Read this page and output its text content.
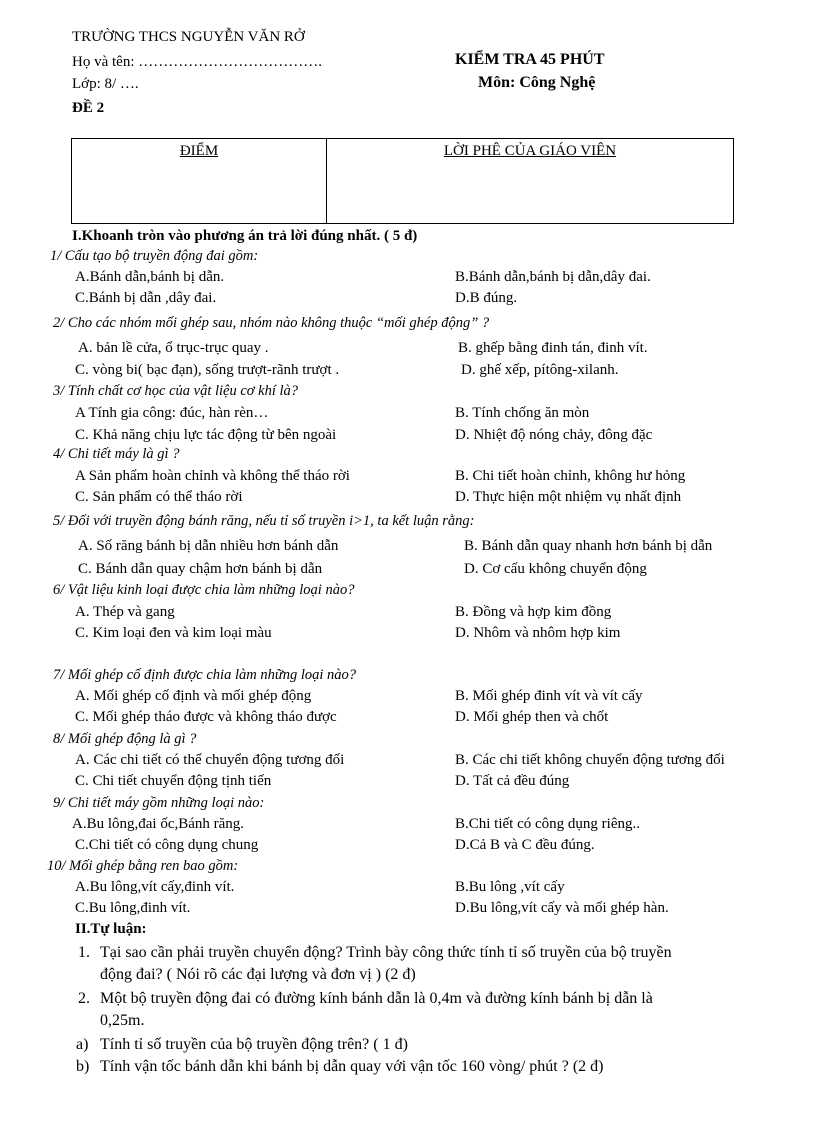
TRƯỜNG THCS NGUYỄN VĂN RỞ
Họ và tên: ……………………………….
Lớp: 8/ ….
ĐỀ 2
KIỂM TRA 45 PHÚT
Môn: Công Nghệ
ĐIỂM	LỜI PHÊ CỦA GIÁO VIÊN
I.Khoanh tròn vào phương án trả lời đúng nhất. ( 5 đ)
1/ Cấu tạo bộ truyền động đai gồm:
A.Bánh dẫn,bánh bị dẫn.	B.Bánh dẫn,bánh bị dẫn,dây đai.
C.Bánh bị dẫn ,dây đai.	D.B đúng.
2/ Cho các nhóm mối ghép sau, nhóm nào không thuộc “mối ghép động” ?
A. bản lề cửa, ổ trục-trục quay .	B. ghếp bằng đinh tán, đinh vít.
C. vòng bi( bạc đạn), sống trượt-rãnh trượt .	D. ghế xếp, pítông-xilanh.
3/ Tính chất cơ học của vật liệu cơ khí là?
A Tính gia công: đúc, hàn rèn…	B. Tính chống ăn mòn
C. Khả năng chịu lực tác động từ bên ngoài	D. Nhiệt độ nóng chảy, đông đặc
4/ Chi tiết máy là gì ?
A Sản phẩm hoàn chỉnh và không thể tháo rời	B. Chi tiết hoàn chỉnh, không hư hỏng
C. Sản phẩm có thể tháo rời	D. Thực hiện một nhiệm vụ nhất định
5/ Đối với truyền động bánh răng, nếu tỉ số truyền i>1, ta kết luận rằng:
A. Số răng bánh bị dẫn nhiều hơn bánh dẫn	B. Bánh dẫn quay nhanh hơn bánh bị dẫn
C. Bánh dẫn quay chậm hơn bánh bị dẫn	D. Cơ cấu không chuyển động
6/ Vật liệu kinh loại được chia làm những loại nào?
A. Thép và gang	B. Đồng và hợp kim đồng
C. Kim loại đen và kim loại màu	D. Nhôm và nhôm hợp kim
7/ Mối ghép cố định được chia làm những loại nào?
A. Mối ghép cố định và mối ghép động	B. Mối ghép đinh vít và vít cấy
C. Mối ghép tháo được và không tháo được	D. Mối ghép then và chốt
8/ Mối ghép động là gì ?
A. Các chi tiết có thể chuyển động tương đối	B. Các chi tiết không chuyển động tương đối
C. Chi tiết chuyển động tịnh tiến	D. Tất cả đều đúng
9/ Chi tiết máy gồm những loại nào:
A.Bu lông,đai ốc,Bánh răng.	B.Chi tiết có công dụng riêng..
C.Chi tiết có công dụng chung	D.Cả B và C đều đúng.
10/ Mối ghép bằng ren bao gồm:
A.Bu lông,vít cấy,đinh vít.	B.Bu lông ,vít cấy
C.Bu lông,đinh vít.	D.Bu lông,vít cấy và mối ghép hàn.
II.Tự luận:
1. Tại sao cần phải truyền chuyển động? Trình bày công thức tính tỉ số truyền của bộ truyền
động đai? ( Nói rõ các đại lượng và đơn vị ) (2 đ)
2. Một bộ truyền động đai có đường kính bánh dẫn là 0,4m và đường kính bánh bị dẫn là
0,25m.
a) Tính tỉ số truyền của bộ truyền động trên? ( 1 đ)
b) Tính vận tốc bánh dẫn khi bánh bị dẫn quay với vận tốc 160 vòng/ phút ? (2 đ)
